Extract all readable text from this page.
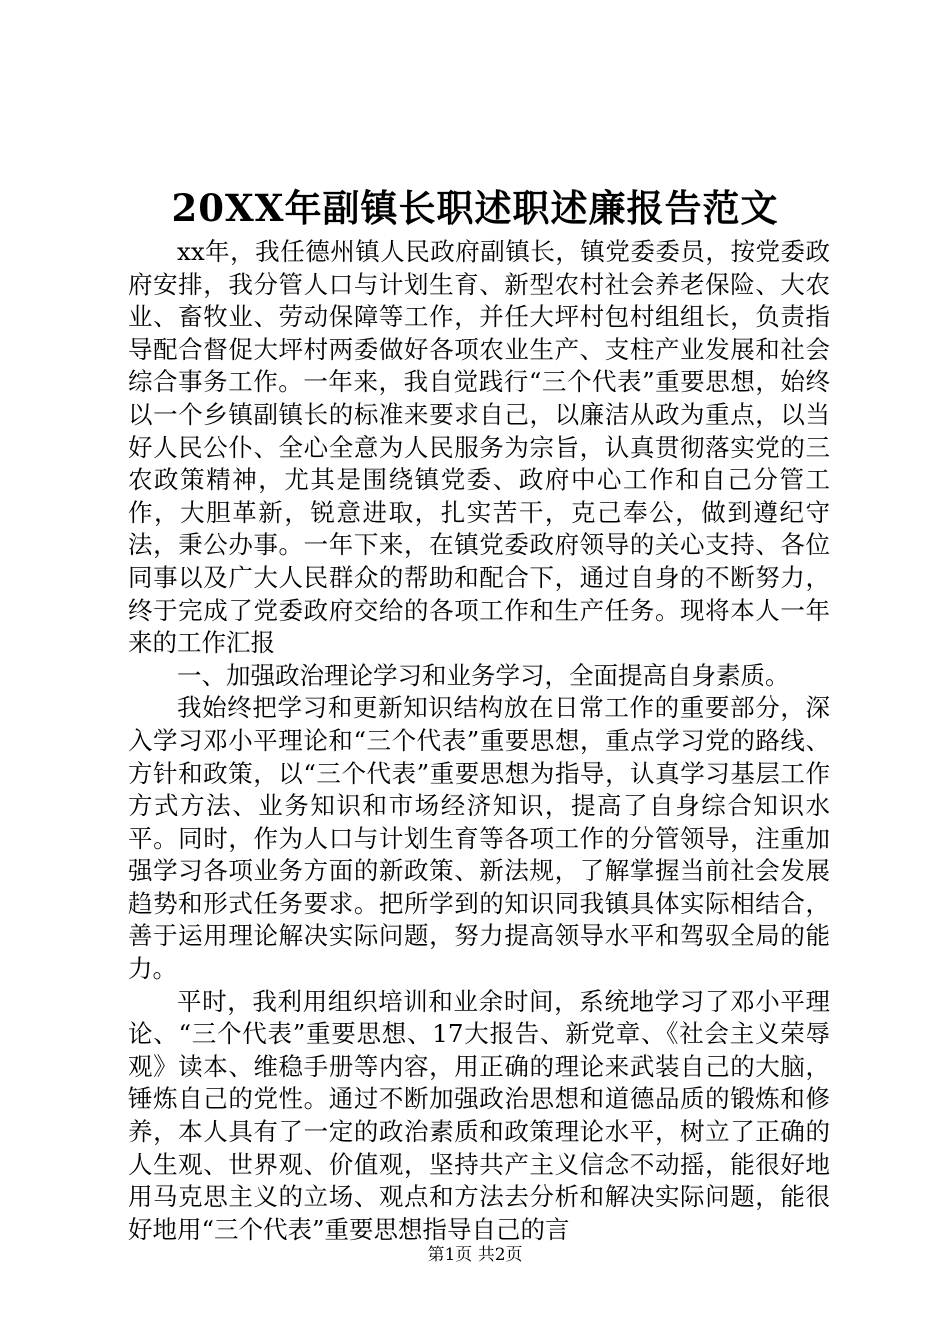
20XX年副镇长职述职述廉报告范文

xx年，我任德州镇人民政府副镇长，镇党委委员，按党委政府安排，我分管人口与计划生育、新型农村社会养老保险、大农业、畜牧业、劳动保障等工作，并任大坪村包村组组长，负责指导配合督促大坪村两委做好各项农业生产、支柱产业发展和社会综合事务工作。一年来，我自觉践行“三个代表”重要思想，始终以一个乡镇副镇长的标准来要求自己，以廉洁从政为重点，以当好人民公仆、全心全意为人民服务为宗旨，认真贯彻落实党的三农政策精神，尤其是围绕镇党委、政府中心工作和自己分管工作，大胆革新，锐意进取，扎实苦干，克己奉公，做到遵纪守法，秉公办事。一年下来，在镇党委政府领导的关心支持、各位同事以及广大人民群众的帮助和配合下，通过自身的不断努力，终于完成了党委政府交给的各项工作和生产任务。现将本人一年来的工作汇报

一、加强政治理论学习和业务学习，全面提高自身素质。

我始终把学习和更新知识结构放在日常工作的重要部分，深入学习邓小平理论和“三个代表”重要思想，重点学习党的路线、方针和政策，以“三个代表”重要思想为指导，认真学习基层工作方式方法、业务知识和市场经济知识，提高了自身综合知识水平。同时，作为人口与计划生育等各项工作的分管领导，注重加强学习各项业务方面的新政策、新法规，了解掌握当前社会发展趋势和形式任务要求。把所学到的知识同我镇具体实际相结合，善于运用理论解决实际问题，努力提高领导水平和驾驭全局的能力。

平时，我利用组织培训和业余时间，系统地学习了邓小平理论、“三个代表”重要思想、17大报告、新党章、《社会主义荣辱观》读本、维稳手册等内容，用正确的理论来武装自己的大脑，锤炼自己的党性。通过不断加强政治思想和道德品质的锻炼和修养，本人具有了一定的政治素质和政策理论水平，树立了正确的人生观、世界观、价值观，坚持共产主义信念不动摇，能很好地用马克思主义的立场、观点和方法去分析和解决实际问题，能很好地用“三个代表”重要思想指导自己的言

第1页 共2页
